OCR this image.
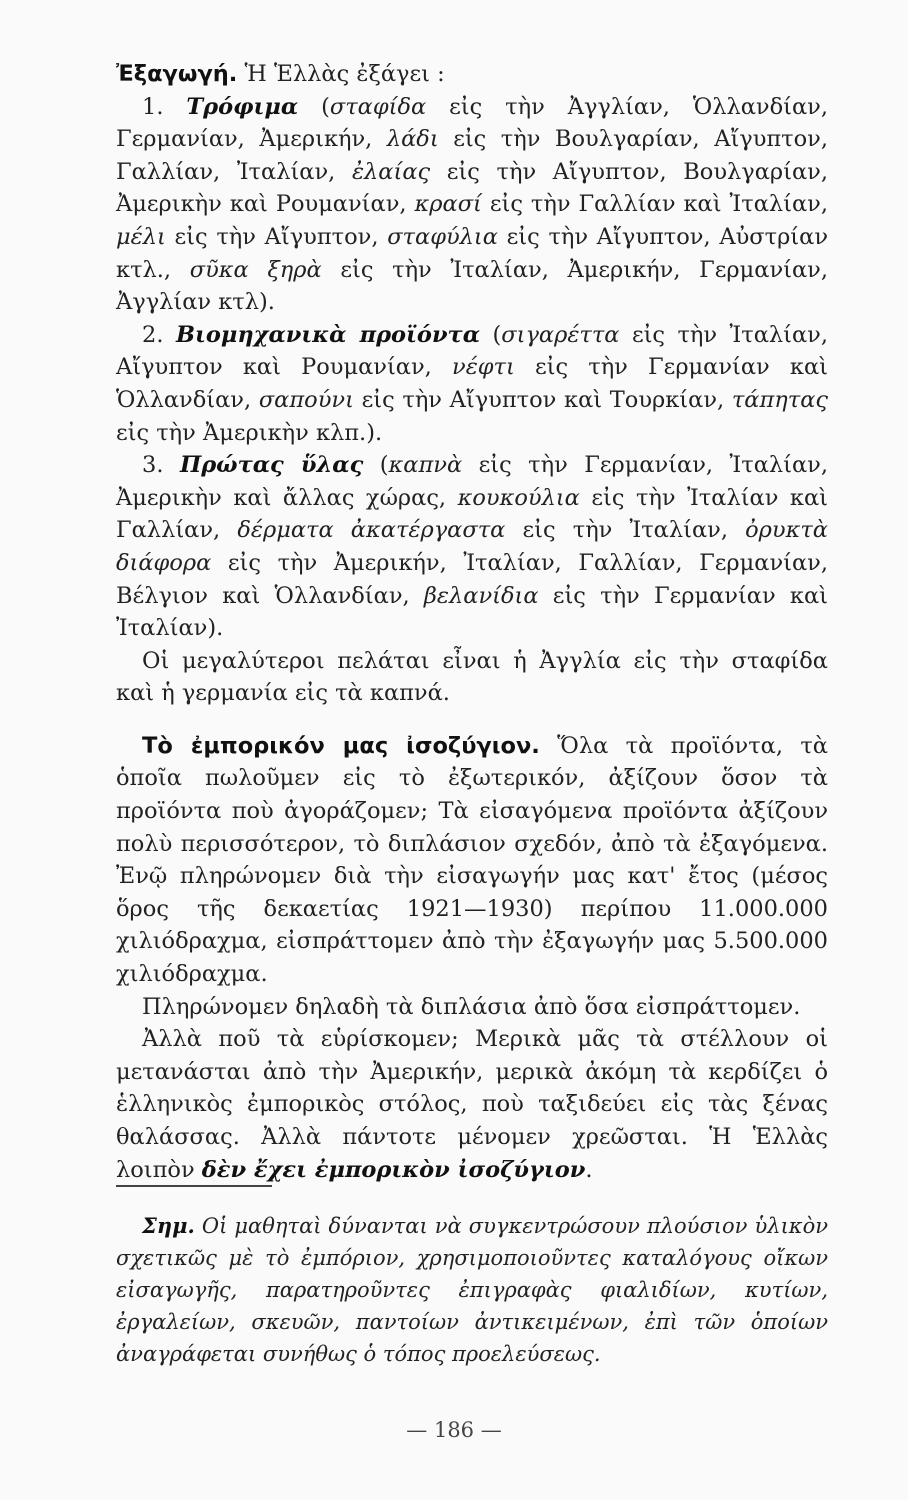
Ἐξαγωγή. Ἡ Ἑλλὰς ἐξάγει :

1. Τρόφιμα (σταφίδα εἰς τὴν Ἀγγλίαν, Ὁλλανδίαν, Γερμανίαν, Ἀμερικήν, λάδι εἰς τὴν Βουλγαρίαν, Αἴγυπτον, Γαλλίαν, Ἰταλίαν, ἐλαίας εἰς τὴν Αἴγυπτον, Βουλγαρίαν, Ἀμερικὴν καὶ Ρουμανίαν, κρασί εἰς τὴν Γαλλίαν καὶ Ἰταλίαν, μέλι εἰς τὴν Αἴγυπτον, σταφύλια εἰς τὴν Αἴγυπτον, Αὐστρίαν κτλ., σῦκα ξηρὰ εἰς τὴν Ἰταλίαν, Ἀμερικήν, Γερμανίαν, Ἀγγλίαν κτλ).

2. Βιομηχανικὰ προϊόντα (σιγαρέττα εἰς τὴν Ἰταλίαν, Αἴγυπτον καὶ Ρουμανίαν, νέφτι εἰς τὴν Γερμανίαν καὶ Ὁλλανδίαν, σαπούνι εἰς τὴν Αἴγυπτον καὶ Τουρκίαν, τάπητας εἰς τὴν Ἀμερικὴν κλπ.).

3. Πρώτας ὕλας (καπνὰ εἰς τὴν Γερμανίαν, Ἰταλίαν, Ἀμερικὴν καὶ ἄλλας χώρας, κουκούλια εἰς τὴν Ἰταλίαν καὶ Γαλλίαν, δέρματα ἀκατέργαστα εἰς τὴν Ἰταλίαν, ὀρυκτὰ διάφορα εἰς τὴν Ἀμερικήν, Ἰταλίαν, Γαλλίαν, Γερμανίαν, Βέλγιον καὶ Ὁλλανδίαν, βελανίδια εἰς τὴν Γερμανίαν καὶ Ἰταλίαν).

Οἱ μεγαλύτεροι πελάται εἶναι ἡ Ἀγγλία εἰς τὴν σταφίδα καὶ ἡ γερμανία εἰς τὰ καπνά.

Τὸ ἐμπορικόν μας ἰσοζύγιον. Ὅλα τὰ προϊόντα, τὰ ὁποῖα πωλοῦμεν εἰς τὸ ἐξωτερικόν, ἀξίζουν ὅσον τὰ προϊόντα ποὺ ἀγοράζομεν; Τὰ εἰσαγόμενα προϊόντα ἀξίζουν πολὺ περισσότερον, τὸ διπλάσιον σχεδόν, ἀπὸ τὰ ἐξαγόμενα. Ἐνῷ πληρώνομεν διὰ τὴν εἰσαγωγήν μας κατ' ἔτος (μέσος ὅρος τῆς δεκαετίας 1921—1930) περίπου 11.000.000 χιλιόδραχμα, εἰσπράττομεν ἀπὸ τὴν ἐξαγωγήν μας 5.500.000 χιλιόδραχμα.

Πληρώνομεν δηλαδὴ τὰ διπλάσια ἀπὸ ὅσα εἰσπράττομεν.

Ἀλλὰ ποῦ τὰ εὑρίσκομεν; Μερικὰ μᾶς τὰ στέλλουν οἱ μετανάσται ἀπὸ τὴν Ἀμερικήν, μερικὰ ἀκόμη τὰ κερδίζει ὁ ἑλληνικὸς ἐμπορικὸς στόλος, ποὺ ταξιδεύει εἰς τὰς ξένας θαλάσσας. Ἀλλὰ πάντοτε μένομεν χρεῶσται. Ἡ Ἑλλὰς λοιπὸν δὲν ἔχει ἐμπορικὸν ἰσοζύγιον.

Σημ. Οἱ μαθηταὶ δύνανται νὰ συγκεντρώσουν πλούσιον ὑλικὸν σχετικῶς μὲ τὸ ἐμπόριον, χρησιμοποιοῦντες καταλόγους οἴκων εἰσαγωγῆς, παρατηροῦντες ἐπιγραφὰς φιαλιδίων, κυτίων, ἐργαλείων, σκευῶν, παντοίων ἀντικειμένων, ἐπὶ τῶν ὁποίων ἀναγράφεται συνήθως ὁ τόπος προελεύσεως.

— 186 —
